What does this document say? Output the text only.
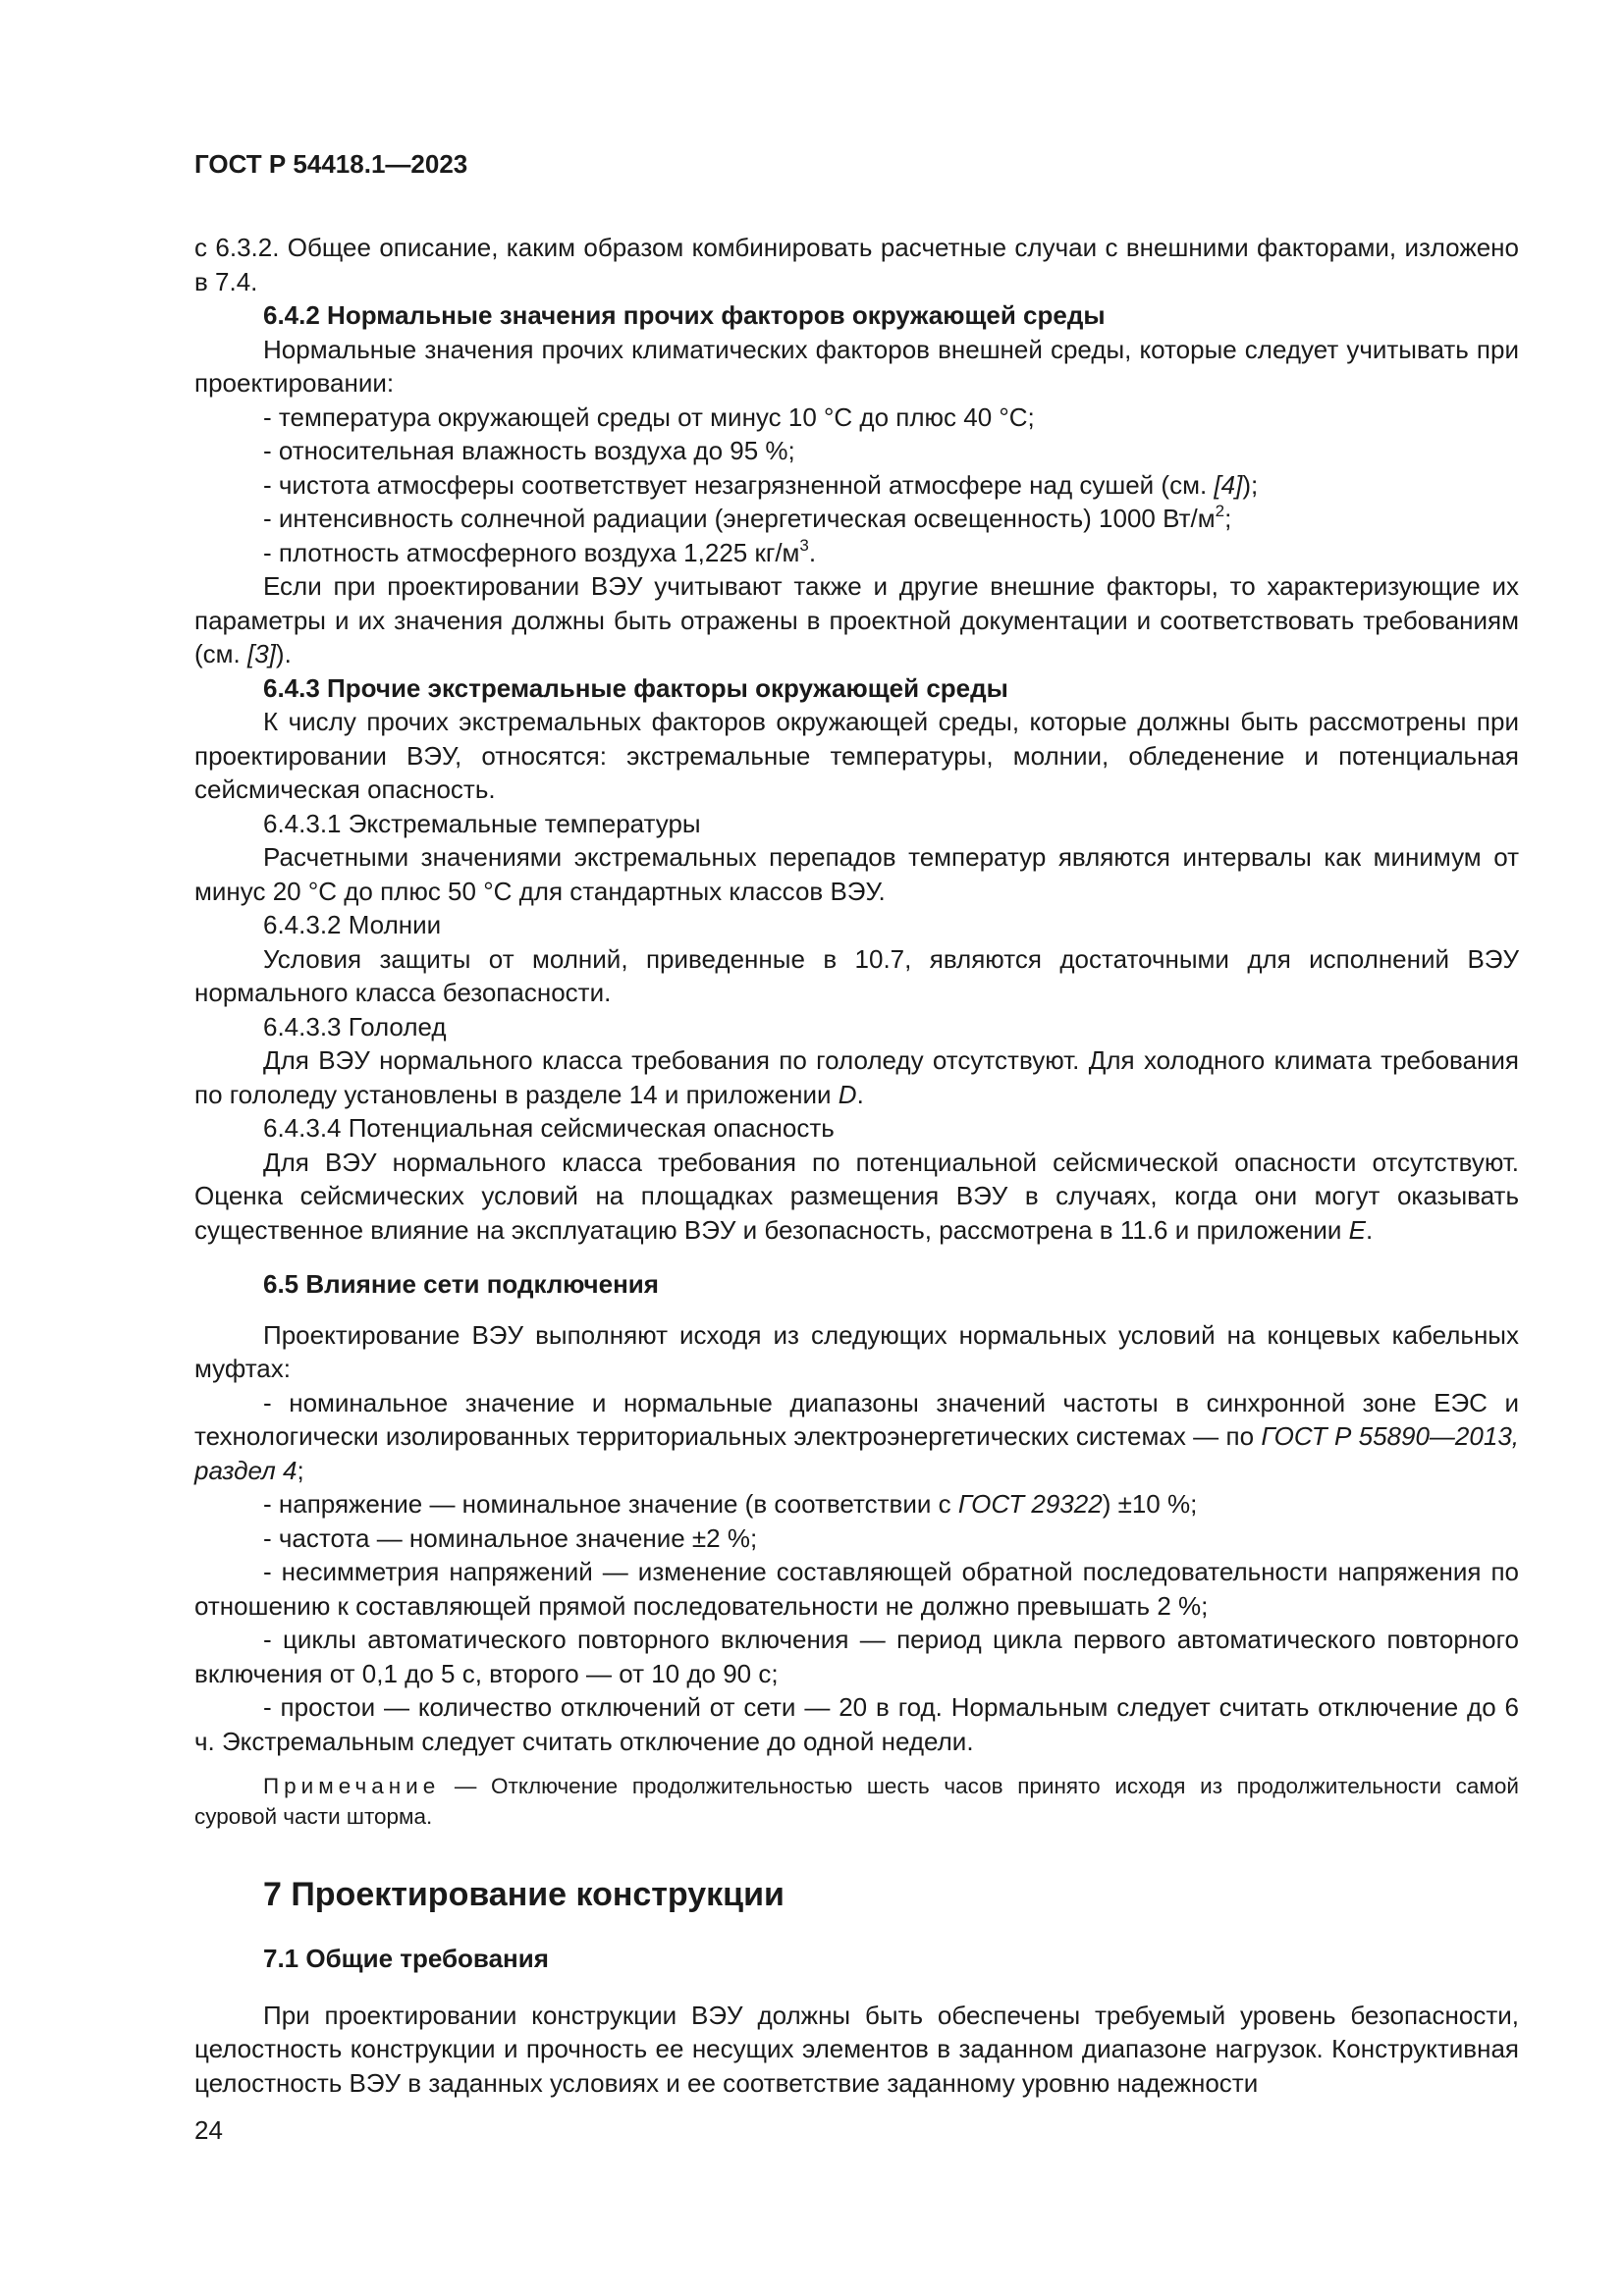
ГОСТ Р 54418.1—2023

с 6.3.2. Общее описание, каким образом комбинировать расчетные случаи с внешними факторами, изложено в 7.4.

6.4.2 Нормальные значения прочих факторов окружающей среды

Нормальные значения прочих климатических факторов внешней среды, которые следует учитывать при проектировании:

- температура окружающей среды от минус 10 °С до плюс 40 °С;

- относительная влажность воздуха до 95 %;

- чистота атмосферы соответствует незагрязненной атмосфере над сушей (см. [4]);

- интенсивность солнечной радиации (энергетическая освещенность) 1000 $Вт/м^2$;

- плотность атмосферного воздуха 1,225 $кг/м^3$.

Если при проектировании ВЭУ учитывают также и другие внешние факторы, то характеризующие их параметры и их значения должны быть отражены в проектной документации и соответствовать требованиям (см. [3]).

6.4.3 Прочие экстремальные факторы окружающей среды

К числу прочих экстремальных факторов окружающей среды, которые должны быть рассмотрены при проектировании ВЭУ, относятся: экстремальные температуры, молнии, обледенение и потенциальная сейсмическая опасность.

6.4.3.1 Экстремальные температуры

Расчетными значениями экстремальных перепадов температур являются интервалы как минимум от минус 20 °С до плюс 50 °С для стандартных классов ВЭУ.

6.4.3.2 Молнии

Условия защиты от молний, приведенные в 10.7, являются достаточными для исполнений ВЭУ нормального класса безопасности.

6.4.3.3 Гололед

Для ВЭУ нормального класса требования по гололеду отсутствуют. Для холодного климата требования по гололеду установлены в разделе 14 и приложении D.

6.4.3.4 Потенциальная сейсмическая опасность

Для ВЭУ нормального класса требования по потенциальной сейсмической опасности отсутствуют. Оценка сейсмических условий на площадках размещения ВЭУ в случаях, когда они могут оказывать существенное влияние на эксплуатацию ВЭУ и безопасность, рассмотрена в 11.6 и приложении Е.

6.5 Влияние сети подключения

Проектирование ВЭУ выполняют исходя из следующих нормальных условий на концевых кабельных муфтах:

- номинальное значение и нормальные диапазоны значений частоты в синхронной зоне ЕЭС и технологически изолированных территориальных электроэнергетических системах — по ГОСТ Р 55890—2013, раздел 4;

- напряжение — номинальное значение (в соответствии с ГОСТ 29322) ±10 %;

- частота — номинальное значение ±2 %;

- несимметрия напряжений — изменение составляющей обратной последовательности напряжения по отношению к составляющей прямой последовательности не должно превышать 2 %;

- циклы автоматического повторного включения — период цикла первого автоматического повторного включения от 0,1 до 5 с, второго — от 10 до 90 с;

- простои — количество отключений от сети — 20 в год. Нормальным следует считать отключение до 6 ч. Экстремальным следует считать отключение до одной недели.

Примечание — Отключение продолжительностью шесть часов принято исходя из продолжительности самой суровой части шторма.

7 Проектирование конструкции

7.1 Общие требования

При проектировании конструкции ВЭУ должны быть обеспечены требуемый уровень безопасности, целостность конструкции и прочность ее несущих элементов в заданном диапазоне нагрузок. Конструктивная целостность ВЭУ в заданных условиях и ее соответствие заданному уровню надежности

24
